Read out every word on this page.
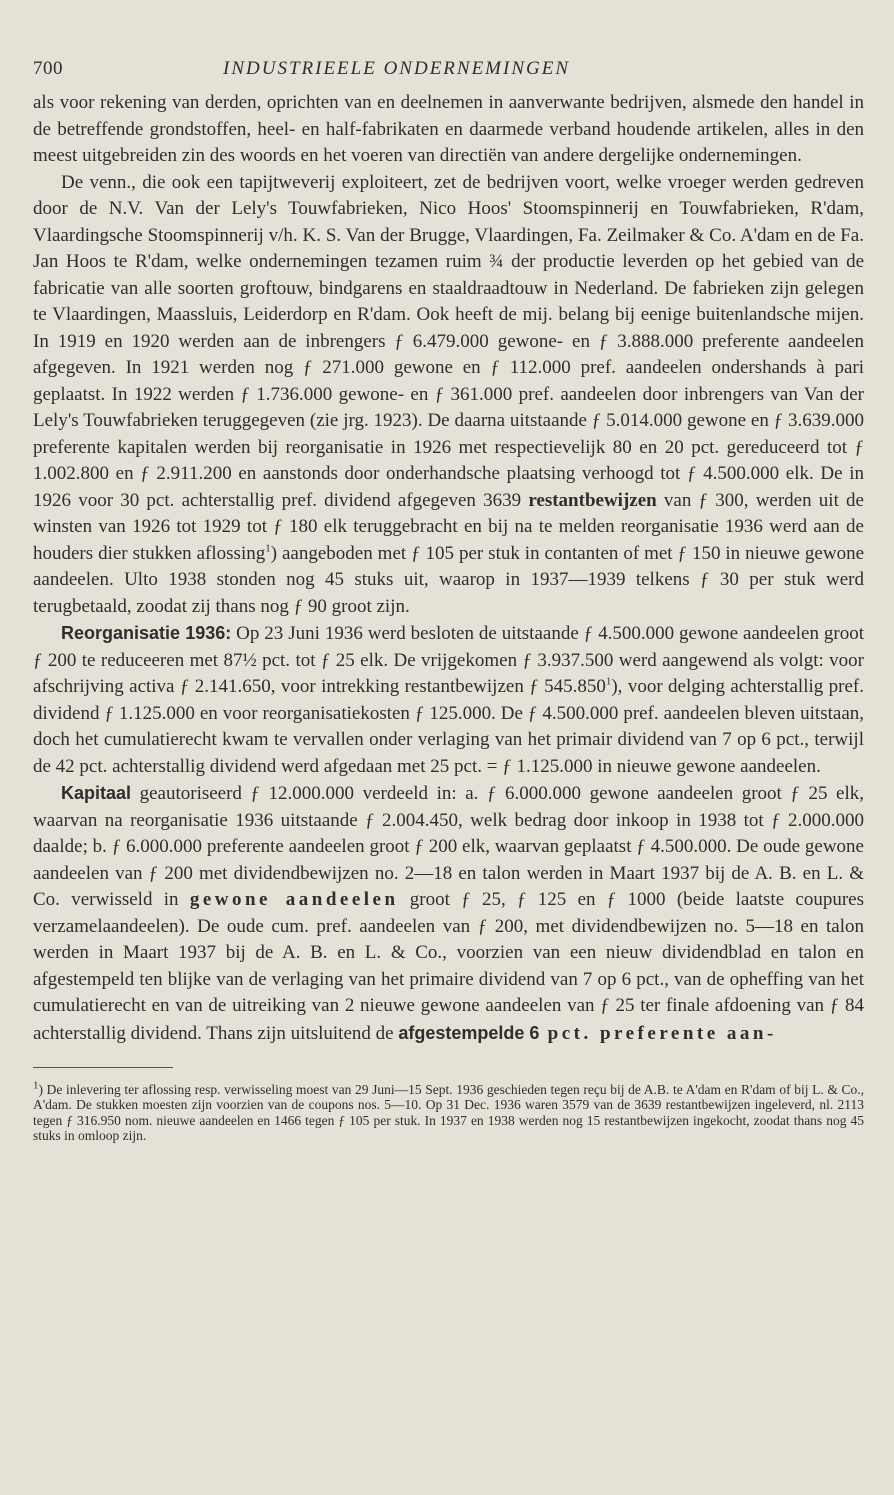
700	INDUSTRIEELE ONDERNEMINGEN

als voor rekening van derden, oprichten van en deelnemen in aanverwante bedrijven, alsmede den handel in de betreffende grondstoffen, heel- en half-fabrikaten en daarmede verband houdende artikelen, alles in den meest uitgebreiden zin des woords en het voeren van directiën van andere dergelijke ondernemingen.

De venn., die ook een tapijtweverij exploiteert, zet de bedrijven voort, welke vroeger werden gedreven door de N.V. Van der Lely's Touwfabrieken, Nico Hoos' Stoomspinnerij en Touwfabrieken, R'dam, Vlaardingsche Stoomspinnerij v/h. K. S. Van der Brugge, Vlaardingen, Fa. Zeilmaker & Co. A'dam en de Fa. Jan Hoos te R'dam, welke ondernemingen tezamen ruim ¾ der productie leverden op het gebied van de fabricatie van alle soorten groftouw, bindgarens en staaldraadtouw in Nederland. De fabrieken zijn gelegen te Vlaardingen, Maassluis, Leiderdorp en R'dam. Ook heeft de mij. belang bij eenige buitenlandsche mijen. In 1919 en 1920 werden aan de inbrengers ƒ 6.479.000 gewone- en ƒ 3.888.000 preferente aandeelen afgegeven. In 1921 werden nog ƒ 271.000 gewone en ƒ 112.000 pref. aandeelen ondershands à pari geplaatst. In 1922 werden ƒ 1.736.000 gewone- en ƒ 361.000 pref. aandeelen door inbrengers van Van der Lely's Touwfabrieken teruggegeven (zie jrg. 1923). De daarna uitstaande ƒ 5.014.000 gewone en ƒ 3.639.000 preferente kapitalen werden bij reorganisatie in 1926 met respectievelijk 80 en 20 pct. gereduceerd tot ƒ 1.002.800 en ƒ 2.911.200 en aanstonds door onderhandsche plaatsing verhoogd tot ƒ 4.500.000 elk. De in 1926 voor 30 pct. achterstallig pref. dividend afgegeven 3639 restantbewijzen van ƒ 300, werden uit de winsten van 1926 tot 1929 tot ƒ 180 elk teruggebracht en bij na te melden reorganisatie 1936 werd aan de houders dier stukken aflossing$^1$) aangeboden met ƒ 105 per stuk in contanten of met ƒ 150 in nieuwe gewone aandeelen. Ulto 1938 stonden nog 45 stuks uit, waarop in 1937—1939 telkens ƒ 30 per stuk werd terugbetaald, zoodat zij thans nog ƒ 90 groot zijn.

Reorganisatie 1936: Op 23 Juni 1936 werd besloten de uitstaande ƒ 4.500.000 gewone aandeelen groot ƒ 200 te reduceeren met 87½ pct. tot ƒ 25 elk. De vrijgekomen ƒ 3.937.500 werd aangewend als volgt: voor afschrijving activa ƒ 2.141.650, voor intrekking restantbewijzen ƒ 545.850$^1$), voor delging achterstallig pref. dividend ƒ 1.125.000 en voor reorganisatiekosten ƒ 125.000. De ƒ 4.500.000 pref. aandeelen bleven uitstaan, doch het cumulatierecht kwam te vervallen onder verlaging van het primair dividend van 7 op 6 pct., terwijl de 42 pct. achterstallig dividend werd afgedaan met 25 pct. = ƒ 1.125.000 in nieuwe gewone aandeelen.

Kapitaal geautoriseerd ƒ 12.000.000 verdeeld in: a. ƒ 6.000.000 gewone aandeelen groot ƒ 25 elk, waarvan na reorganisatie 1936 uitstaande ƒ 2.004.450, welk bedrag door inkoop in 1938 tot ƒ 2.000.000 daalde; b. ƒ 6.000.000 preferente aandeelen groot ƒ 200 elk, waarvan geplaatst ƒ 4.500.000. De oude gewone aandeelen van ƒ 200 met dividendbewijzen no. 2—18 en talon werden in Maart 1937 bij de A. B. en L. & Co. verwisseld in gewone aandeelen groot ƒ 25, ƒ 125 en ƒ 1000 (beide laatste coupures verzamelaandeelen). De oude cum. pref. aandeelen van ƒ 200, met dividendbewijzen no. 5—18 en talon werden in Maart 1937 bij de A. B. en L. & Co., voorzien van een nieuw dividendblad en talon en afgestempeld ten blijke van de verlaging van het primaire dividend van 7 op 6 pct., van de opheffing van het cumulatierecht en van de uitreiking van 2 nieuwe gewone aandeelen van ƒ 25 ter finale afdoening van ƒ 84 achterstallig dividend. Thans zijn uitsluitend de afgestempelde 6 pct. preferente aan-

$^1$) De inlevering ter aflossing resp. verwisseling moest van 29 Juni—15 Sept. 1936 geschieden tegen reçu bij de A.B. te A'dam en R'dam of bij L. & Co., A'dam. De stukken moesten zijn voorzien van de coupons nos. 5—10. Op 31 Dec. 1936 waren 3579 van de 3639 restantbewijzen ingeleverd, nl. 2113 tegen ƒ 316.950 nom. nieuwe aandeelen en 1466 tegen ƒ 105 per stuk. In 1937 en 1938 werden nog 15 restantbewijzen ingekocht, zoodat thans nog 45 stuks in omloop zijn.
